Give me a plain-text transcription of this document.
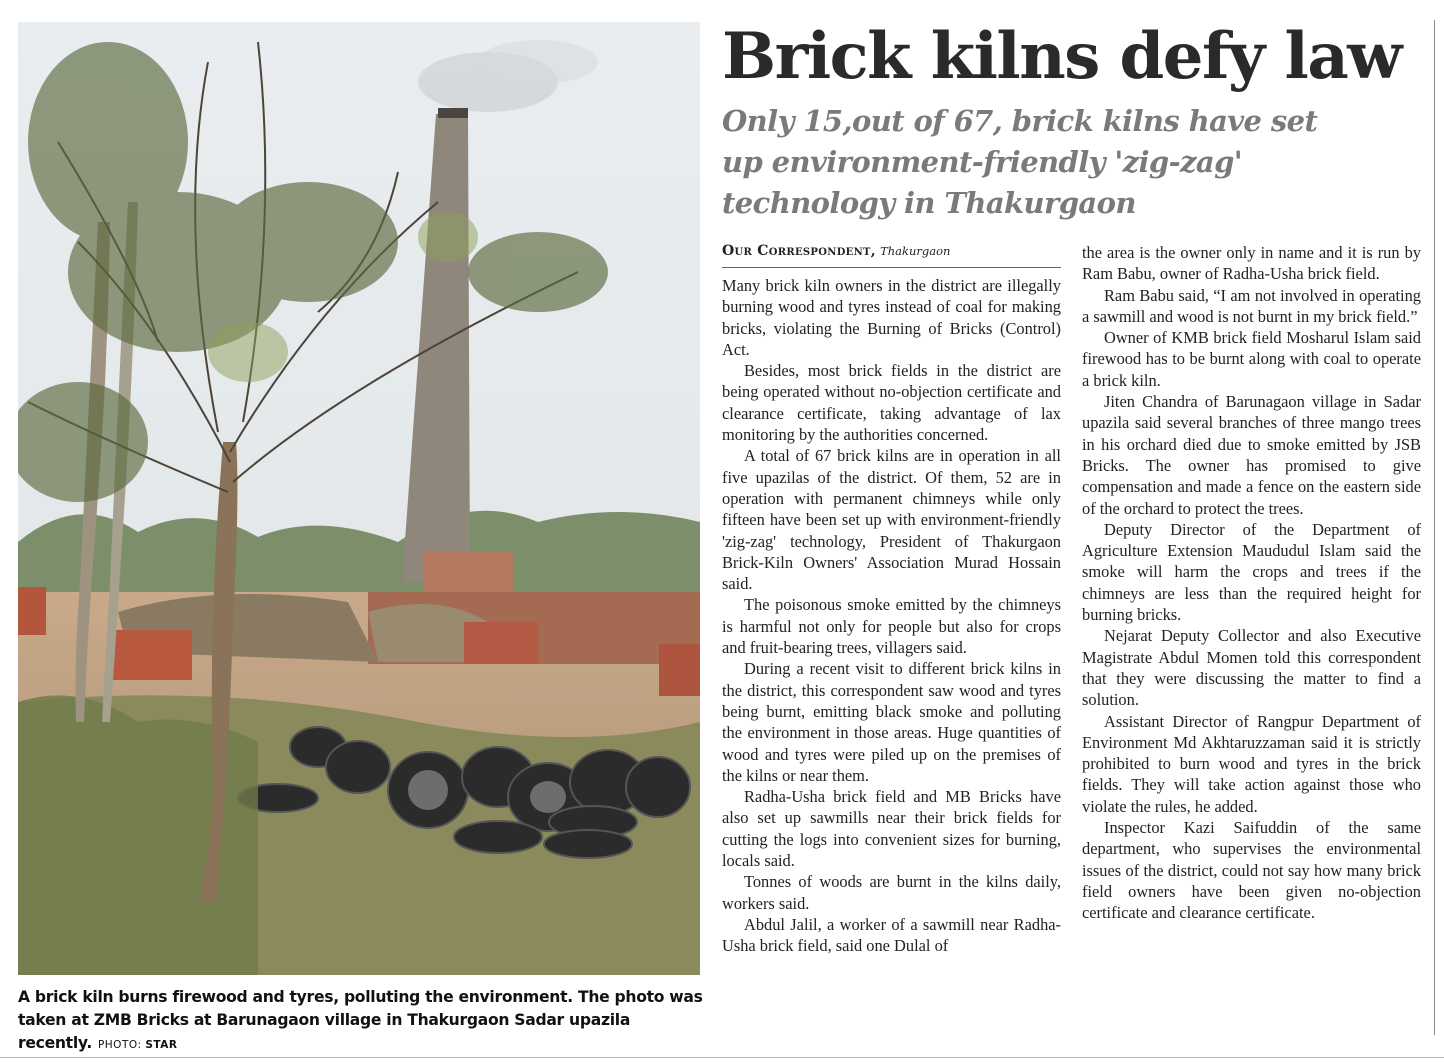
A brick kiln burns firewood and tyres, polluting the environment. The photo was taken at ZMB Bricks at Barunagaon village in Thakurgaon Sadar upazila recently. PHOTO: STAR
Brick kilns defy law
Only 15,out of 67, brick kilns have set up environment-friendly 'zig-zag' technology in Thakurgaon
Our Correspondent, Thakurgaon

Many brick kiln owners in the district are illegally burning wood and tyres instead of coal for making bricks, violating the Burning of Bricks (Control) Act.

Besides, most brick fields in the district are being operated without no-objection certificate and clearance certificate, taking advantage of lax monitoring by the authorities concerned.

A total of 67 brick kilns are in operation in all five upazilas of the district. Of them, 52 are in operation with permanent chimneys while only fifteen have been set up with environment-friendly 'zig-zag' technology, President of Thakurgaon Brick-Kiln Owners' Association Murad Hossain said.

The poisonous smoke emitted by the chimneys is harmful not only for people but also for crops and fruit-bearing trees, villagers said.

During a recent visit to different brick kilns in the district, this correspondent saw wood and tyres being burnt, emitting black smoke and polluting the environment in those areas. Huge quantities of wood and tyres were piled up on the premises of the kilns or near them.

Radha-Usha brick field and MB Bricks have also set up sawmills near their brick fields for cutting the logs into convenient sizes for burning, locals said.

Tonnes of woods are burnt in the kilns daily, workers said.

Abdul Jalil, a worker of a sawmill near Radha-Usha brick field, said one Dulal of

the area is the owner only in name and it is run by Ram Babu, owner of Radha-Usha brick field.

Ram Babu said, “I am not involved in operating a sawmill and wood is not burnt in my brick field.”

Owner of KMB brick field Mosharul Islam said firewood has to be burnt along with coal to operate a brick kiln.

Jiten Chandra of Barunagaon village in Sadar upazila said several branches of three mango trees in his orchard died due to smoke emitted by JSB Bricks. The owner has promised to give compensation and made a fence on the eastern side of the orchard to protect the trees.

Deputy Director of the Department of Agriculture Extension Maududul Islam said the smoke will harm the crops and trees if the chimneys are less than the required height for burning bricks.

Nejarat Deputy Collector and also Executive Magistrate Abdul Momen told this correspondent that they were discussing the matter to find a solution.

Assistant Director of Rangpur Department of Environment Md Akhtaruzzaman said it is strictly prohibited to burn wood and tyres in the brick fields. They will take action against those who violate the rules, he added.

Inspector Kazi Saifuddin of the same department, who supervises the environmental issues of the district, could not say how many brick field owners have been given no-objection certificate and clearance certificate.
